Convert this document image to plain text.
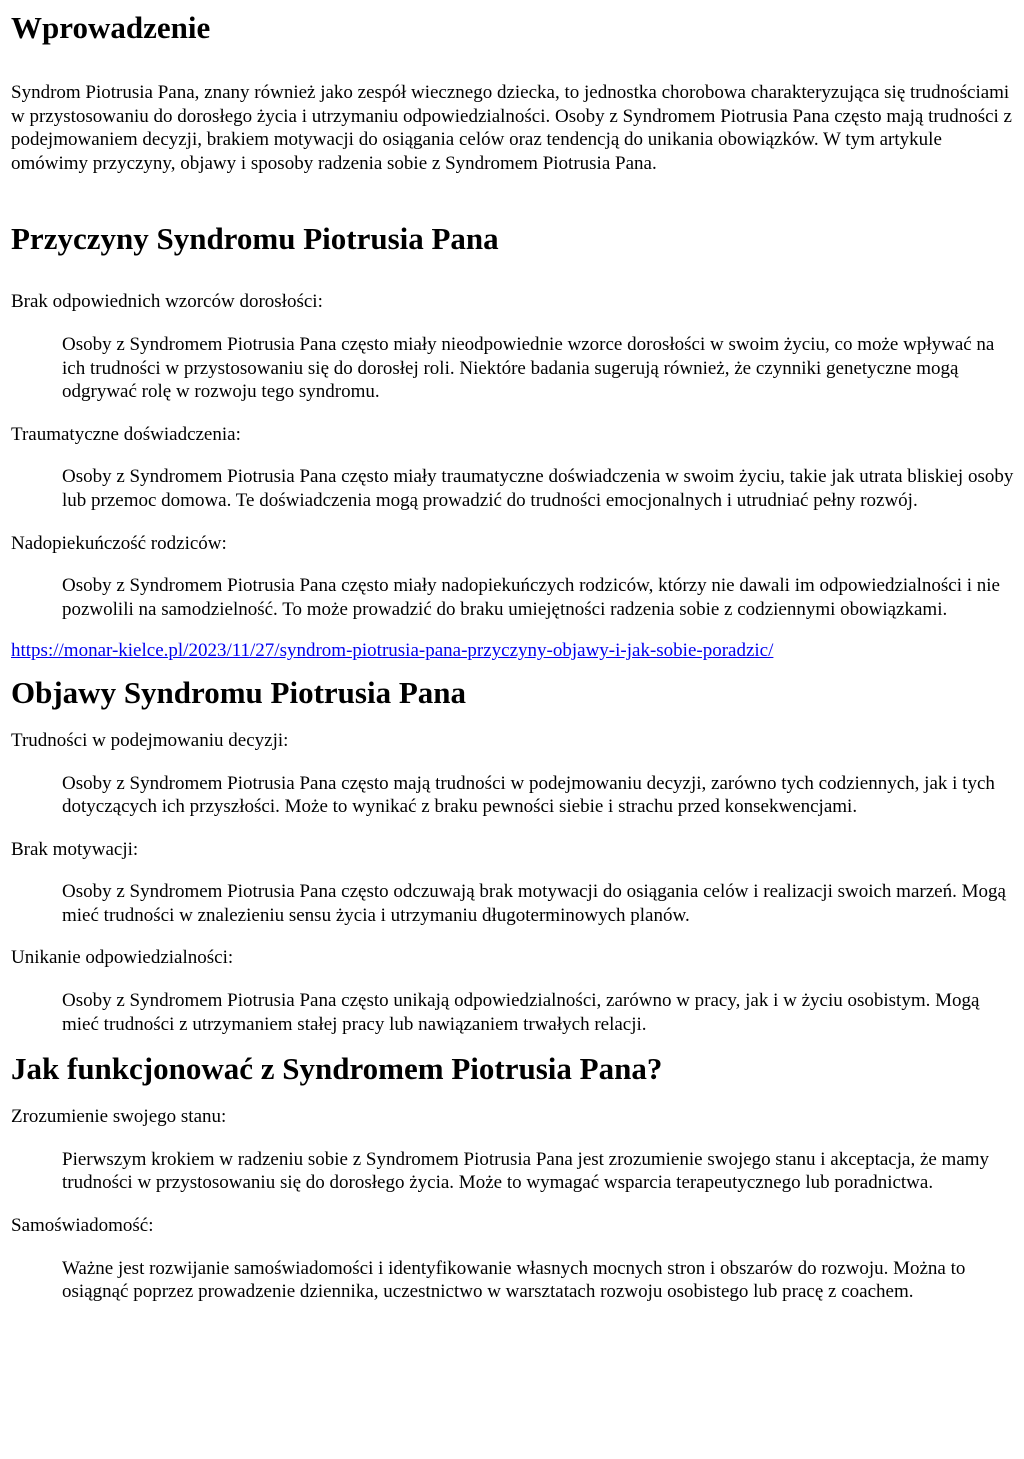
Wprowadzenie

Syndrom Piotrusia Pana, znany również jako zespół wiecznego dziecka, to jednostka chorobowa charakteryzująca się trudnościami w przystosowaniu do dorosłego życia i utrzymaniu odpowiedzialności. Osoby z Syndromem Piotrusia Pana często mają trudności z podejmowaniem decyzji, brakiem motywacji do osiągania celów oraz tendencją do unikania obowiązków. W tym artykule omówimy przyczyny, objawy i sposoby radzenia sobie z Syndromem Piotrusia Pana.

Przyczyny Syndromu Piotrusia Pana
Brak odpowiednich wzorców dorosłości:
Osoby z Syndromem Piotrusia Pana często miały nieodpowiednie wzorce dorosłości w swoim życiu, co może wpływać na ich trudności w przystosowaniu się do dorosłej roli. Niektóre badania sugerują również, że czynniki genetyczne mogą odgrywać rolę w rozwoju tego syndromu.
Traumatyczne doświadczenia:
Osoby z Syndromem Piotrusia Pana często miały traumatyczne doświadczenia w swoim życiu, takie jak utrata bliskiej osoby lub przemoc domowa. Te doświadczenia mogą prowadzić do trudności emocjonalnych i utrudniać pełny rozwój.
Nadopiekuńczość rodziców:
Osoby z Syndromem Piotrusia Pana często miały nadopiekuńczych rodziców, którzy nie dawali im odpowiedzialności i nie pozwolili na samodzielność. To może prowadzić do braku umiejętności radzenia sobie z codziennymi obowiązkami.

https://monar-kielce.pl/2023/11/27/syndrom-piotrusia-pana-przyczyny-objawy-i-jak-sobie-poradzic/

Objawy Syndromu Piotrusia Pana
Trudności w podejmowaniu decyzji:
Osoby z Syndromem Piotrusia Pana często mają trudności w podejmowaniu decyzji, zarówno tych codziennych, jak i tych dotyczących ich przyszłości. Może to wynikać z braku pewności siebie i strachu przed konsekwencjami.
Brak motywacji:
Osoby z Syndromem Piotrusia Pana często odczuwają brak motywacji do osiągania celów i realizacji swoich marzeń. Mogą mieć trudności w znalezieniu sensu życia i utrzymaniu długoterminowych planów.
Unikanie odpowiedzialności:
Osoby z Syndromem Piotrusia Pana często unikają odpowiedzialności, zarówno w pracy, jak i w życiu osobistym. Mogą mieć trudności z utrzymaniem stałej pracy lub nawiązaniem trwałych relacji.
Jak funkcjonować z Syndromem Piotrusia Pana?
Zrozumienie swojego stanu:
Pierwszym krokiem w radzeniu sobie z Syndromem Piotrusia Pana jest zrozumienie swojego stanu i akceptacja, że mamy trudności w przystosowaniu się do dorosłego życia. Może to wymagać wsparcia terapeutycznego lub poradnictwa.
Samoświadomość:
Ważne jest rozwijanie samoświadomości i identyfikowanie własnych mocnych stron i obszarów do rozwoju. Można to osiągnąć poprzez prowadzenie dziennika, uczestnictwo w warsztatach rozwoju osobistego lub pracę z coachem.
